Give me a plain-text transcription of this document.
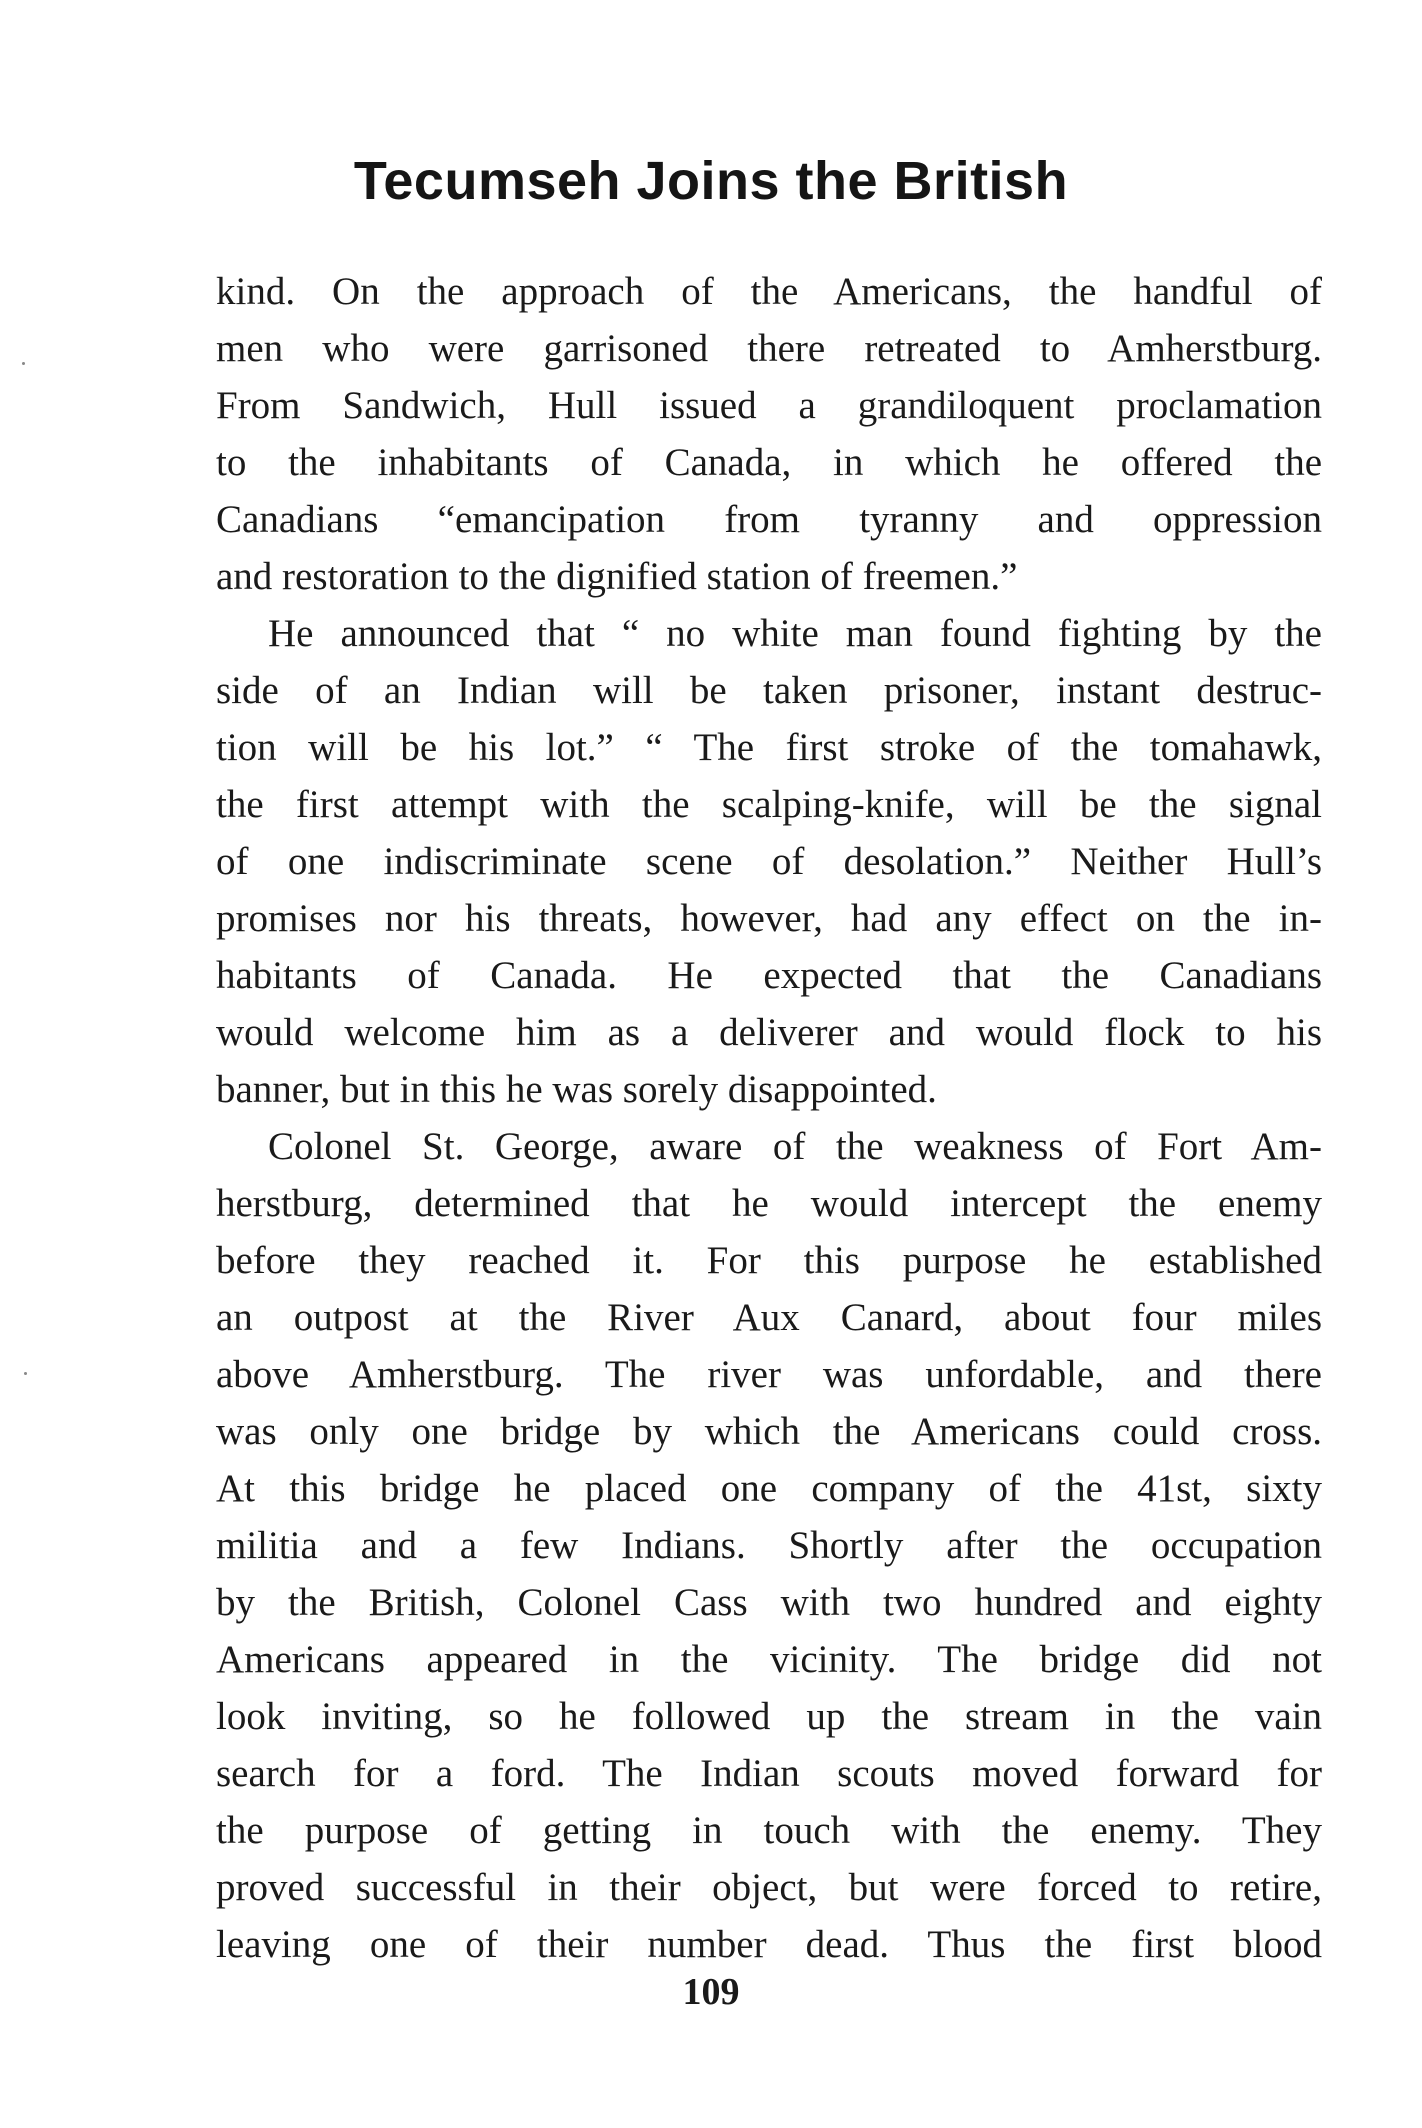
Tecumseh Joins the British
kind. On the approach of the Americans, the handful of
men who were garrisoned there retreated to Amherstburg.
From Sandwich, Hull issued a grandiloquent proclamation
to the inhabitants of Canada, in which he offered the
Canadians “emancipation from tyranny and oppression
and restoration to the dignified station of freemen.”
He announced that “ no white man found fighting by the
side of an Indian will be taken prisoner, instant destruc-
tion will be his lot.” “ The first stroke of the tomahawk,
the first attempt with the scalping-knife, will be the signal
of one indiscriminate scene of desolation.” Neither Hull’s
promises nor his threats, however, had any effect on the in-
habitants of Canada. He expected that the Canadians
would welcome him as a deliverer and would flock to his
banner, but in this he was sorely disappointed.
Colonel St. George, aware of the weakness of Fort Am-
herstburg, determined that he would intercept the enemy
before they reached it. For this purpose he established
an outpost at the River Aux Canard, about four miles
above Amherstburg. The river was unfordable, and there
was only one bridge by which the Americans could cross.
At this bridge he placed one company of the 41st, sixty
militia and a few Indians. Shortly after the occupation
by the British, Colonel Cass with two hundred and eighty
Americans appeared in the vicinity. The bridge did not
look inviting, so he followed up the stream in the vain
search for a ford. The Indian scouts moved forward for
the purpose of getting in touch with the enemy. They
proved successful in their object, but were forced to retire,
leaving one of their number dead. Thus the first blood
109
